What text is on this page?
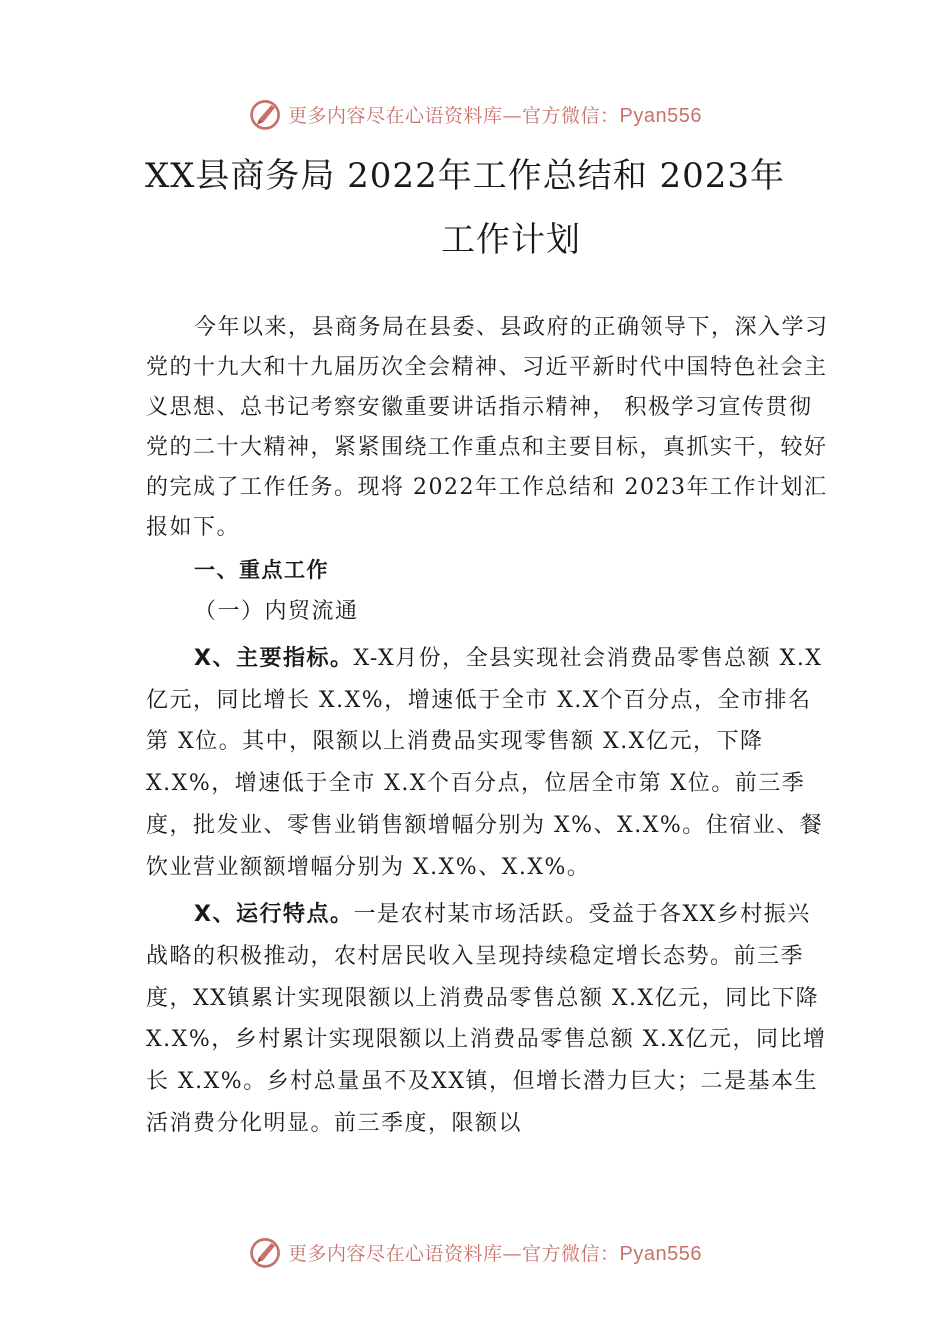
更多内容尽在心语资料库—官方微信：Pyan556
XX县商务局 2022年工作总结和 2023年
工作计划

今年以来，县商务局在县委、县政府的正确领导下，深入学习党的十九大和十九届历次全会精神、习近平新时代中国特色社会主义思想、总书记考察安徽重要讲话指示精神， 积极学习宣传贯彻党的二十大精神，紧紧围绕工作重点和主要目标，真抓实干，较好的完成了工作任务。现将 2022年工作总结和 2023年工作计划汇报如下。

一、重点工作

（一）内贸流通

X、主要指标。X-X月份，全县实现社会消费品零售总额 X.X亿元，同比增长 X.X%，增速低于全市 X.X个百分点，全市排名第 X位。其中，限额以上消费品实现零售额 X.X亿元，下降 X.X%，增速低于全市 X.X个百分点，位居全市第 X位。前三季度，批发业、零售业销售额增幅分别为 X%、X.X%。住宿业、餐饮业营业额额增幅分别为 X.X%、X.X%。

X、运行特点。一是农村某市场活跃。受益于各XX乡村振兴战略的积极推动，农村居民收入呈现持续稳定增长态势。前三季度，XX镇累计实现限额以上消费品零售总额 X.X亿元，同比下降 X.X%，乡村累计实现限额以上消费品零售总额 X.X亿元，同比增长 X.X%。乡村总量虽不及XX镇，但增长潜力巨大；二是基本生活消费分化明显。前三季度，限额以

更多内容尽在心语资料库—官方微信：Pyan556
